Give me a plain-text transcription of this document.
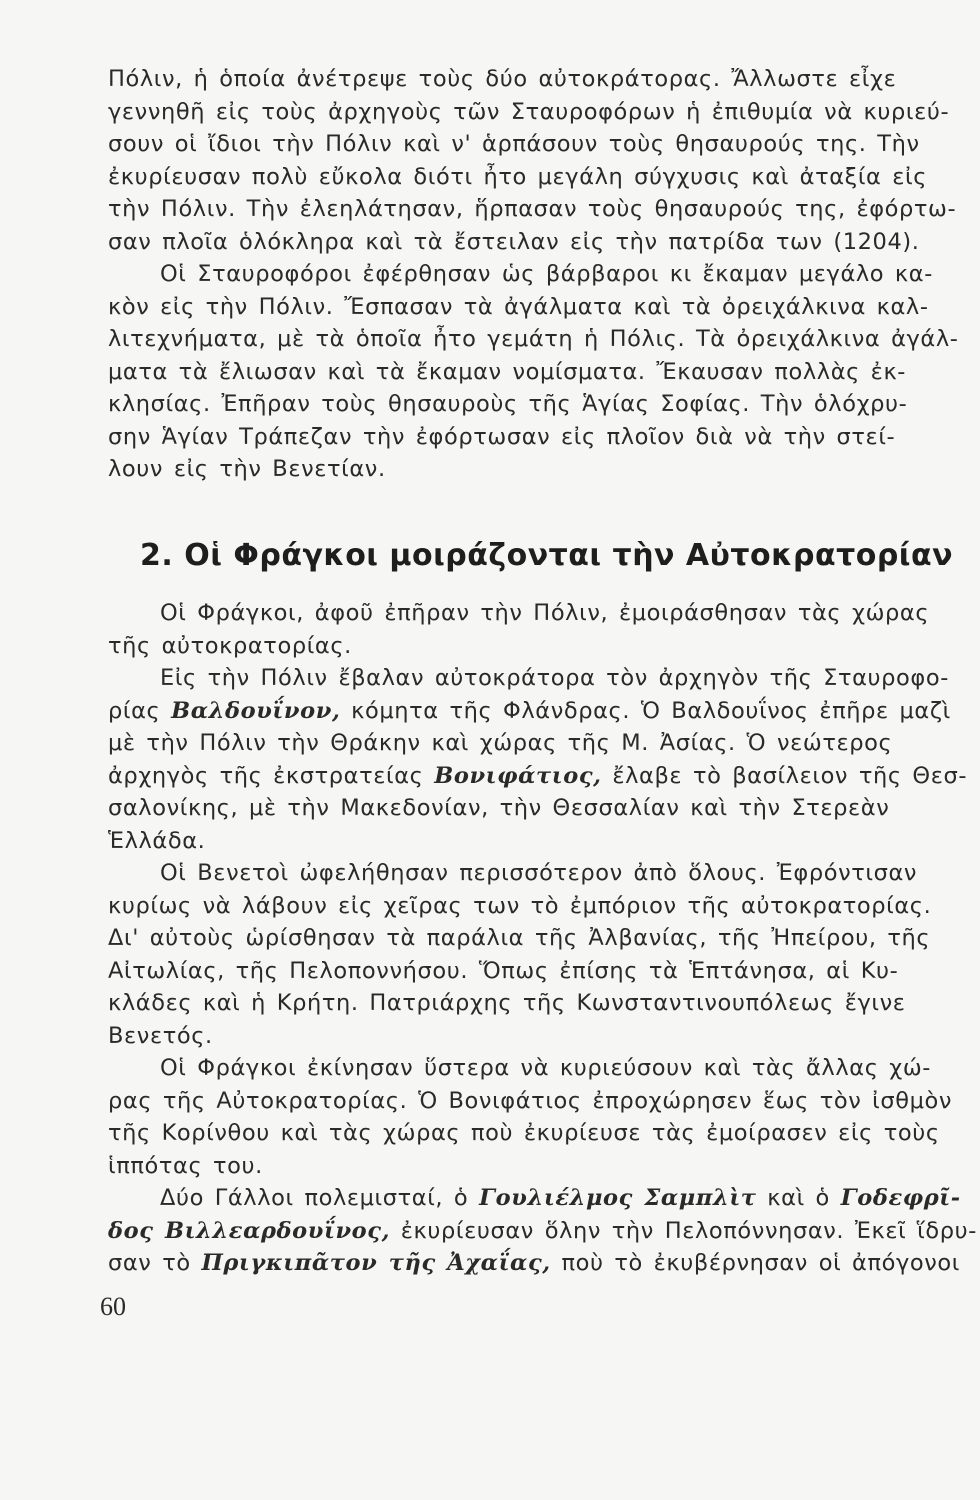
Πόλιν, ἡ ὁποία ἀνέτρεψε τοὺς δύο αὐτοκράτορας. Ἄλλωστε εἶχε
γεννηθῆ εἰς τοὺς ἀρχηγοὺς τῶν Σταυροφόρων ἡ ἐπιθυμία νὰ κυριεύ-
σουν οἱ ἴδιοι τὴν Πόλιν καὶ ν' ἁρπάσουν τοὺς θησαυρούς της. Τὴν
ἐκυρίευσαν πολὺ εὔκολα διότι ἦτο μεγάλη σύγχυσις καὶ ἀταξία εἰς
τὴν Πόλιν. Τὴν ἐλεηλάτησαν, ἥρπασαν τοὺς θησαυρούς της, ἐφόρτω-
σαν πλοῖα ὁλόκληρα καὶ τὰ ἔστειλαν εἰς τὴν πατρίδα των (1204).
Οἱ Σταυροφόροι ἐφέρθησαν ὡς βάρβαροι κι ἔκαμαν μεγάλο κα-
κὸν εἰς τὴν Πόλιν. Ἔσπασαν τὰ ἀγάλματα καὶ τὰ ὀρειχάλκινα καλ-
λιτεχνήματα, μὲ τὰ ὁποῖα ἦτο γεμάτη ἡ Πόλις. Τὰ ὀρειχάλκινα ἀγάλ-
ματα τὰ ἔλιωσαν καὶ τὰ ἔκαμαν νομίσματα. Ἔκαυσαν πολλὰς ἐκ-
κλησίας. Ἐπῆραν τοὺς θησαυροὺς τῆς Ἁγίας Σοφίας. Τὴν ὁλόχρυ-
σην Ἁγίαν Τράπεζαν τὴν ἐφόρτωσαν εἰς πλοῖον διὰ νὰ τὴν στεί-
λουν εἰς τὴν Βενετίαν.
2. Οἱ Φράγκοι μοιράζονται τὴν Αὐτοκρατορίαν
Οἱ Φράγκοι, ἀφοῦ ἐπῆραν τὴν Πόλιν, ἐμοιράσθησαν τὰς χώρας
τῆς αὐτοκρατορίας.
Εἰς τὴν Πόλιν ἔβαλαν αὐτοκράτορα τὸν ἀρχηγὸν τῆς Σταυροφο-
ρίας Βαλδουΐνον, κόμητα τῆς Φλάνδρας. Ὁ Βαλδουΐνος ἐπῆρε μαζὶ
μὲ τὴν Πόλιν τὴν Θράκην καὶ χώρας τῆς Μ. Ἀσίας. Ὁ νεώτερος
ἀρχηγὸς τῆς ἐκστρατείας Βονιφάτιος, ἔλαβε τὸ βασίλειον τῆς Θεσ-
σαλονίκης, μὲ τὴν Μακεδονίαν, τὴν Θεσσαλίαν καὶ τὴν Στερεὰν
Ἑλλάδα.
Οἱ Βενετοὶ ὠφελήθησαν περισσότερον ἀπὸ ὅλους. Ἐφρόντισαν
κυρίως νὰ λάβουν εἰς χεῖρας των τὸ ἐμπόριον τῆς αὐτοκρατορίας.
Δι' αὐτοὺς ὡρίσθησαν τὰ παράλια τῆς Ἀλβανίας, τῆς Ἠπείρου, τῆς
Αἰτωλίας, τῆς Πελοποννήσου. Ὅπως ἐπίσης τὰ Ἑπτάνησα, αἱ Κυ-
κλάδες καὶ ἡ Κρήτη. Πατριάρχης τῆς Κωνσταντινουπόλεως ἔγινε
Βενετός.
Οἱ Φράγκοι ἐκίνησαν ὕστερα νὰ κυριεύσουν καὶ τὰς ἄλλας χώ-
ρας τῆς Αὐτοκρατορίας. Ὁ Βονιφάτιος ἐπροχώρησεν ἕως τὸν ἰσθμὸν
τῆς Κορίνθου καὶ τὰς χώρας ποὺ ἐκυρίευσε τὰς ἐμοίρασεν εἰς τοὺς
ἱππότας του.
Δύο Γάλλοι πολεμισταί, ὁ Γουλιέλμος Σαμπλὶτ καὶ ὁ Γοδεφρῖ-
δος Βιλλεαρδουΐνος, ἐκυρίευσαν ὅλην τὴν Πελοπόννησαν. Ἐκεῖ ἵδρυ-
σαν τὸ Πριγκιπᾶτον τῆς Ἀχαΐας, ποὺ τὸ ἐκυβέρνησαν οἱ ἀπόγονοι
60
